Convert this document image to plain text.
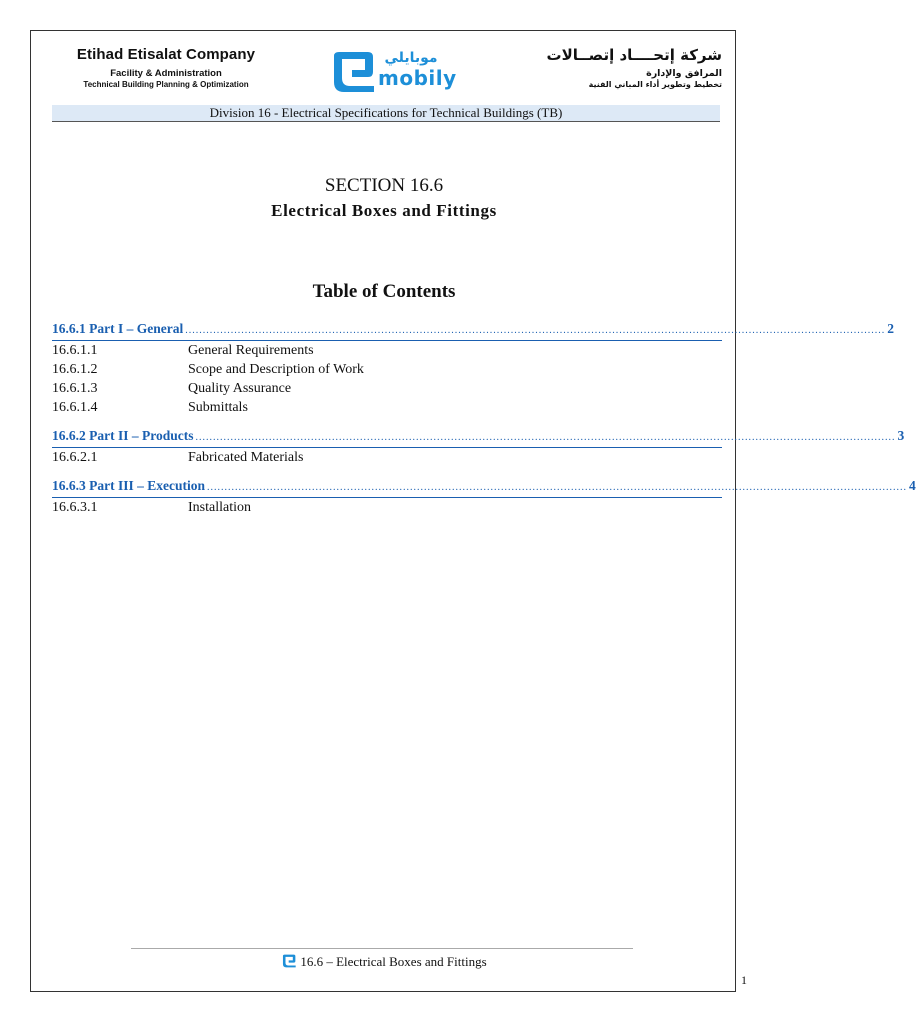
Etihad Etisalat Company
Facility & Administration
Technical Building Planning & Optimization
موبايلي
mobily
شركة إتحــــاد إتصــالات
المرافق والإدارة
تخطيط وتطوير أداء المباني الفنية
Division 16 - Electrical Specifications for Technical Buildings (TB)
SECTION 16.6
Electrical Boxes and Fittings
Table of Contents
16.6.1 Part I – General ........................................................................................................................................................................................................ 2
16.6.1.1	General Requirements
16.6.1.2	Scope and Description of Work
16.6.1.3	Quality Assurance
16.6.1.4	Submittals
16.6.2 Part II – Products ........................................................................................................................................................................................................ 3
16.6.2.1	Fabricated Materials
16.6.3 Part III – Execution ........................................................................................................................................................................................................ 4
16.6.3.1	Installation
16.6 – Electrical Boxes and Fittings
1
